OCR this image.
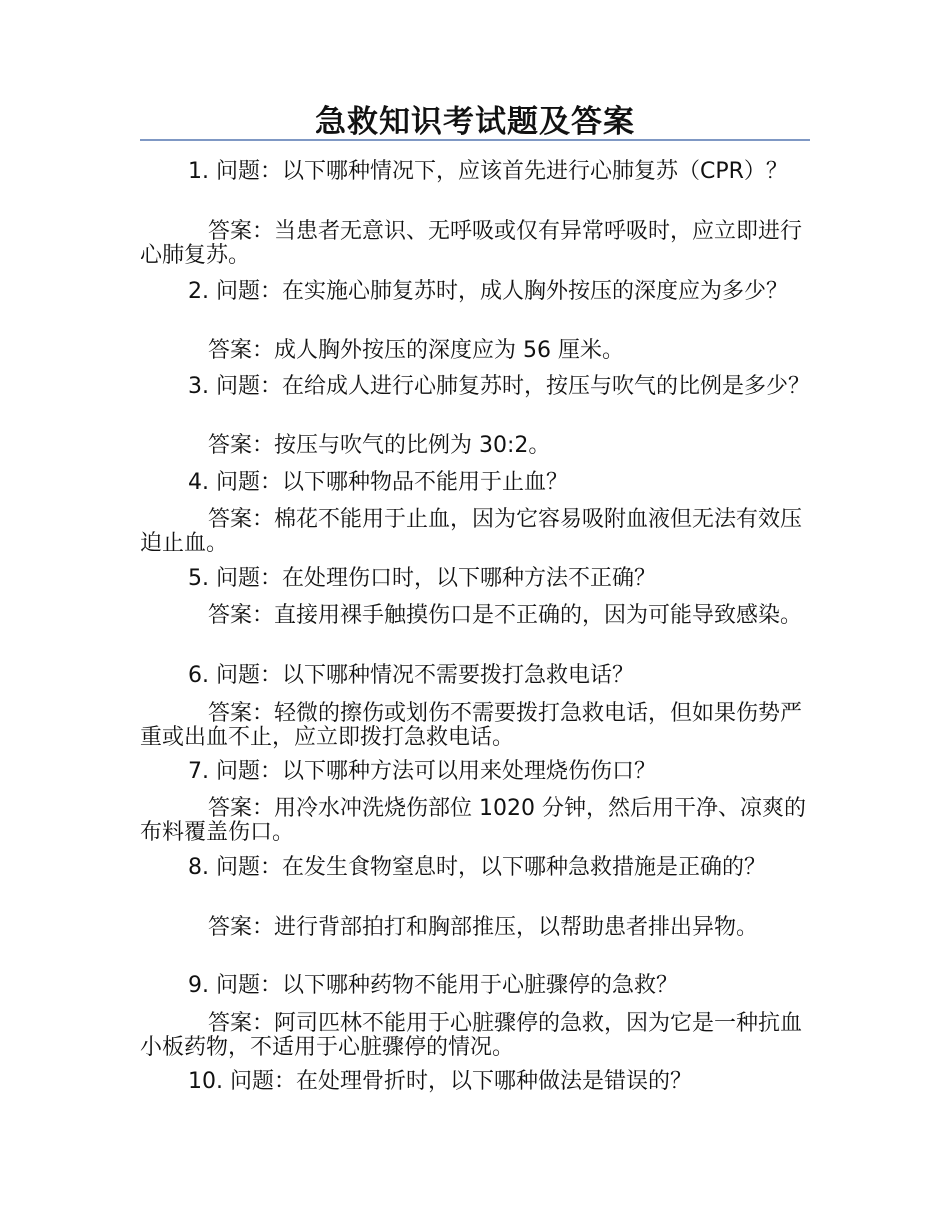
急救知识考试题及答案

1. 问题：以下哪种情况下，应该首先进行心肺复苏（CPR）？

答案：当患者无意识、无呼吸或仅有异常呼吸时，应立即进行心肺复苏。

2. 问题：在实施心肺复苏时，成人胸外按压的深度应为多少？

答案：成人胸外按压的深度应为 56 厘米。

3. 问题：在给成人进行心肺复苏时，按压与吹气的比例是多少？

答案：按压与吹气的比例为 30:2。

4. 问题：以下哪种物品不能用于止血？

答案：棉花不能用于止血，因为它容易吸附血液但无法有效压迫止血。

5. 问题：在处理伤口时，以下哪种方法不正确？

答案：直接用裸手触摸伤口是不正确的，因为可能导致感染。

6. 问题：以下哪种情况不需要拨打急救电话？

答案：轻微的擦伤或划伤不需要拨打急救电话，但如果伤势严重或出血不止，应立即拨打急救电话。

7. 问题：以下哪种方法可以用来处理烧伤伤口？

答案：用冷水冲洗烧伤部位 1020 分钟，然后用干净、凉爽的布料覆盖伤口。

8. 问题：在发生食物窒息时，以下哪种急救措施是正确的？

答案：进行背部拍打和胸部推压，以帮助患者排出异物。

9. 问题：以下哪种药物不能用于心脏骤停的急救？

答案：阿司匹林不能用于心脏骤停的急救，因为它是一种抗血小板药物，不适用于心脏骤停的情况。

10. 问题：在处理骨折时，以下哪种做法是错误的？
